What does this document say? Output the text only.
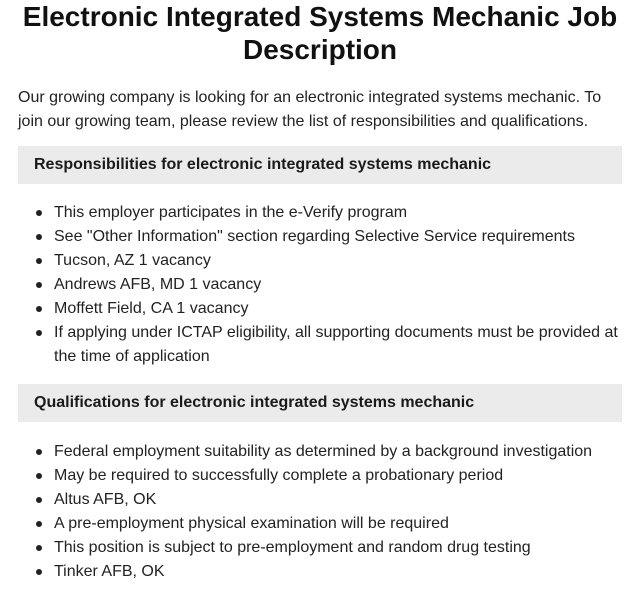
Electronic Integrated Systems Mechanic Job Description

Our growing company is looking for an electronic integrated systems mechanic. To join our growing team, please review the list of responsibilities and qualifications.

Responsibilities for electronic integrated systems mechanic
This employer participates in the e-Verify program
See "Other Information" section regarding Selective Service requirements
Tucson, AZ 1 vacancy
Andrews AFB, MD 1 vacancy
Moffett Field, CA 1 vacancy
If applying under ICTAP eligibility, all supporting documents must be provided at the time of application
Qualifications for electronic integrated systems mechanic
Federal employment suitability as determined by a background investigation
May be required to successfully complete a probationary period
Altus AFB, OK
A pre-employment physical examination will be required
This position is subject to pre-employment and random drug testing
Tinker AFB, OK
